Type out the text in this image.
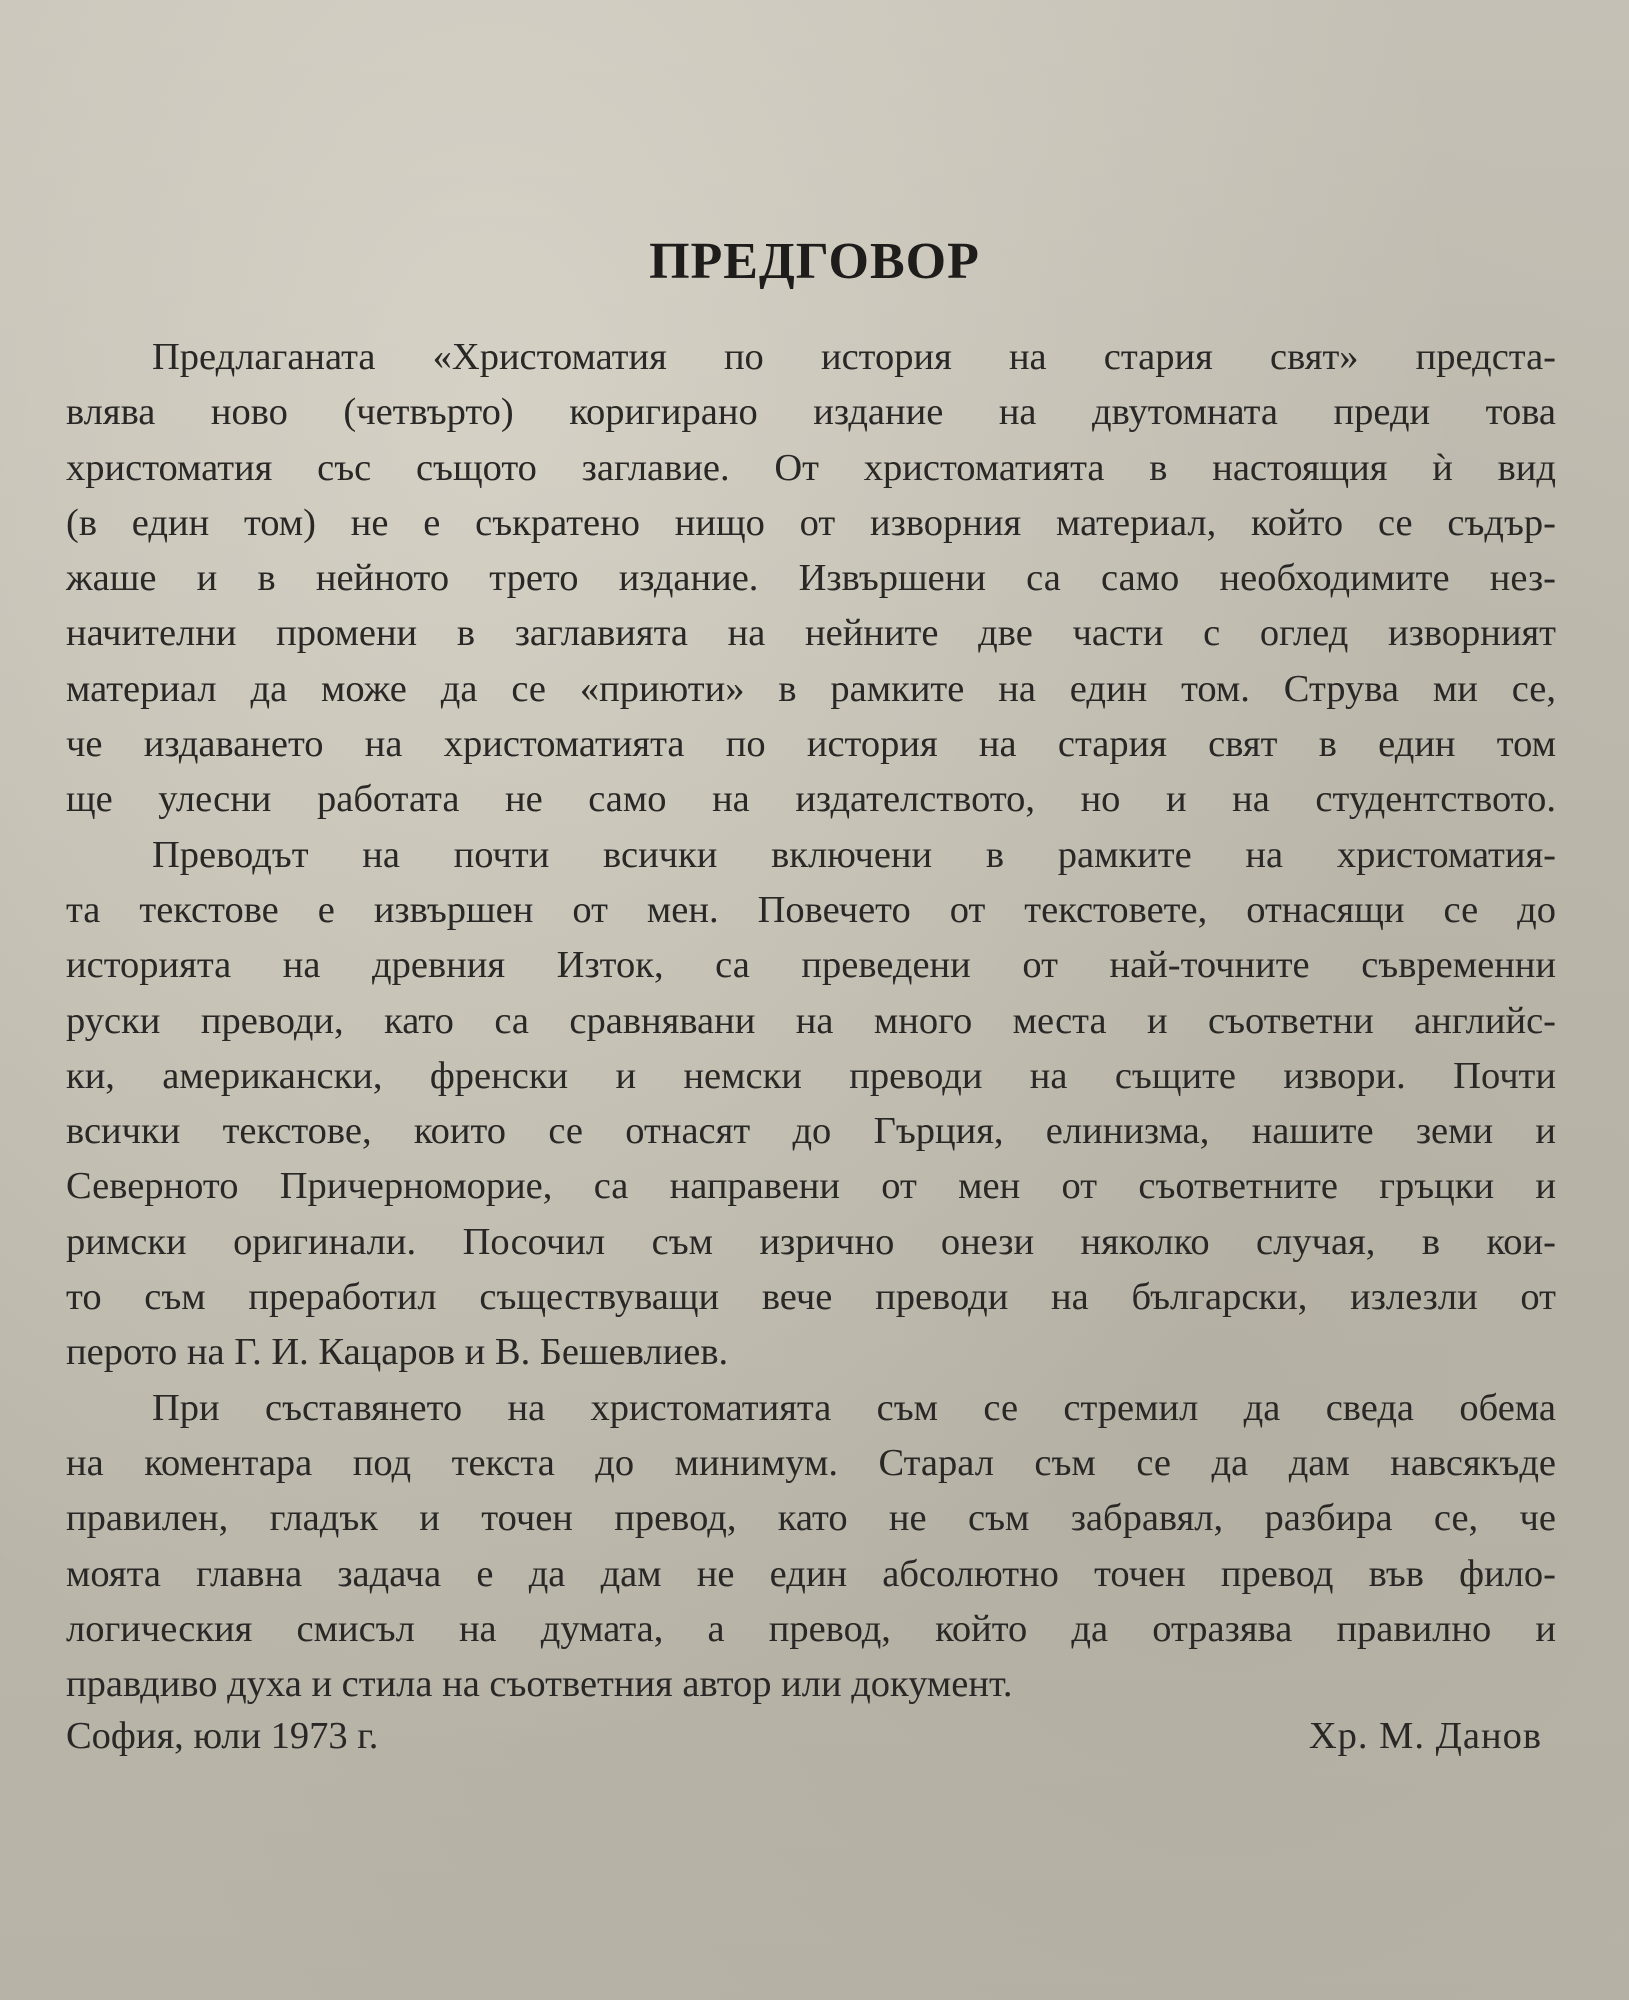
ПРЕДГОВОР
Предлаганата «Христоматия по история на стария свят» предста-
влява ново (четвърто) коригирано издание на двутомната преди това
христоматия със същото заглавие. От христоматията в настоящия ѝ вид
(в един том) не е съкратено нищо от изворния материал, който се съдър-
жаше и в нейното трето издание. Извършени са само необходимите нез-
начителни промени в заглавията на нейните две части с оглед изворният
материал да може да се «приюти» в рамките на един том. Струва ми се,
че издаването на христоматията по история на стария свят в един том
ще улесни работата не само на издателството, но и на студентството.
Преводът на почти всички включени в рамките на христоматия-
та текстове е извършен от мен. Повечето от текстовете, отнасящи се до
историята на древния Изток, са преведени от най-точните съвременни
руски преводи, като са сравнявани на много места и съответни английс-
ки, американски, френски и немски преводи на същите извори. Почти
всички текстове, които се отнасят до Гърция, елинизма, нашите земи и
Северното Причерноморие, са направени от мен от съответните гръцки и
римски оригинали. Посочил съм изрично онези няколко случая, в кои-
то съм преработил съществуващи вече преводи на български, излезли от
перото на Г. И. Кацаров и В. Бешевлиев.
При съставянето на христоматията съм се стремил да сведа обема
на коментара под текста до минимум. Старал съм се да дам навсякъде
правилен, гладък и точен превод, като не съм забравял, разбира се, че
моята главна задача е да дам не един абсолютно точен превод във фило-
логическия смисъл на думата, а превод, който да отразява правилно и
правдиво духа и стила на съответния автор или документ.
София, юли 1973 г.	Хр. М. Данов
